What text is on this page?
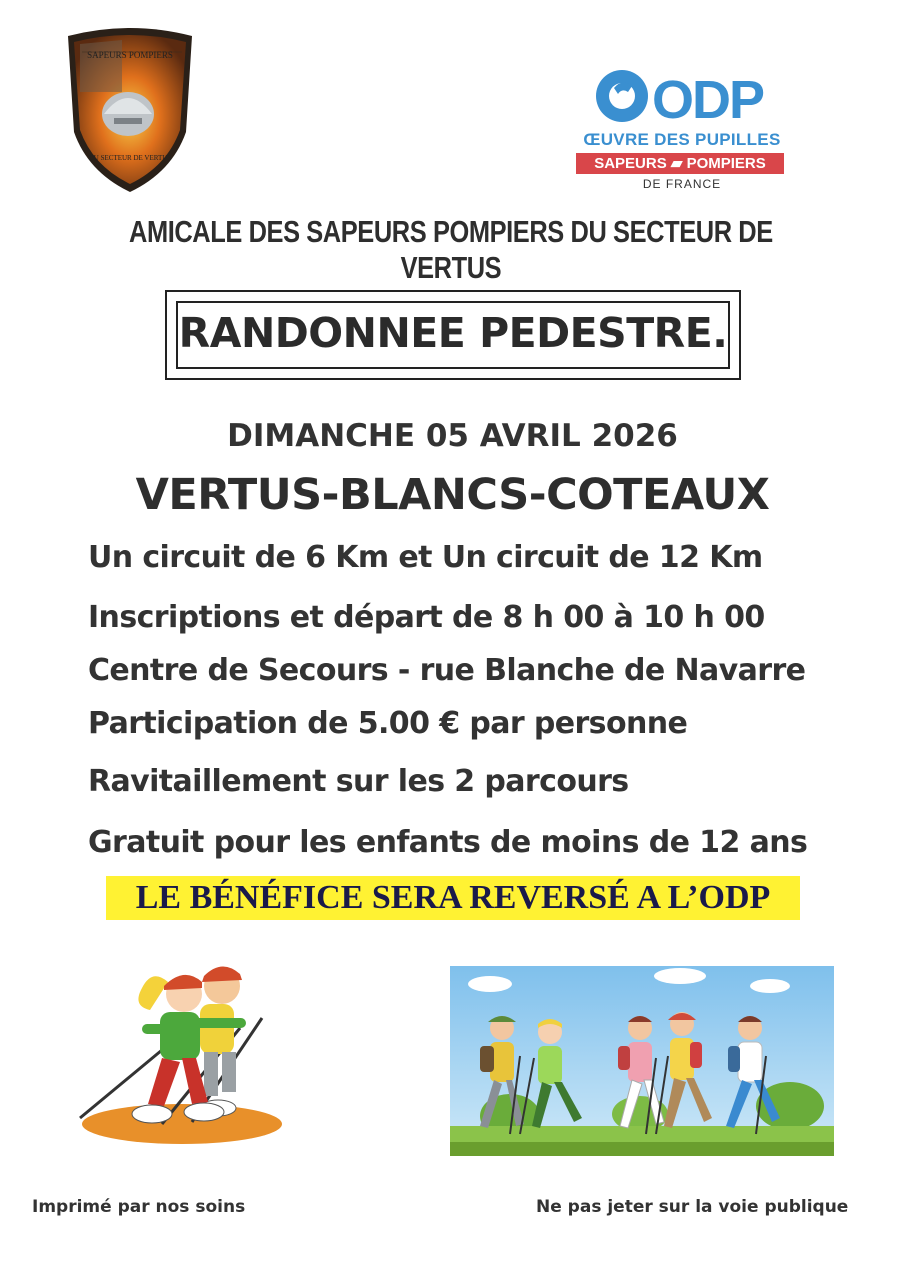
SAPEURS POMPIERS
DU SECTEUR DE VERTUS
ODP
ŒUVRE DES PUPILLES
SAPEURS ▰ POMPIERS
DE FRANCE
AMICALE DES SAPEURS POMPIERS DU SECTEUR DE VERTUS
RANDONNEE PEDESTRE.
DIMANCHE 05 AVRIL 2026
VERTUS-BLANCS-COTEAUX
Un circuit de 6 Km et Un circuit de 12 Km
Inscriptions et départ de 8 h 00 à 10 h 00
Centre de Secours - rue Blanche de Navarre
Participation de 5.00 € par personne
Ravitaillement sur les 2 parcours
Gratuit pour les enfants de moins de 12 ans
LE BÉNÉFICE SERA REVERSÉ A L’ODP
Imprimé par nos soins	Ne pas jeter sur la voie publique
